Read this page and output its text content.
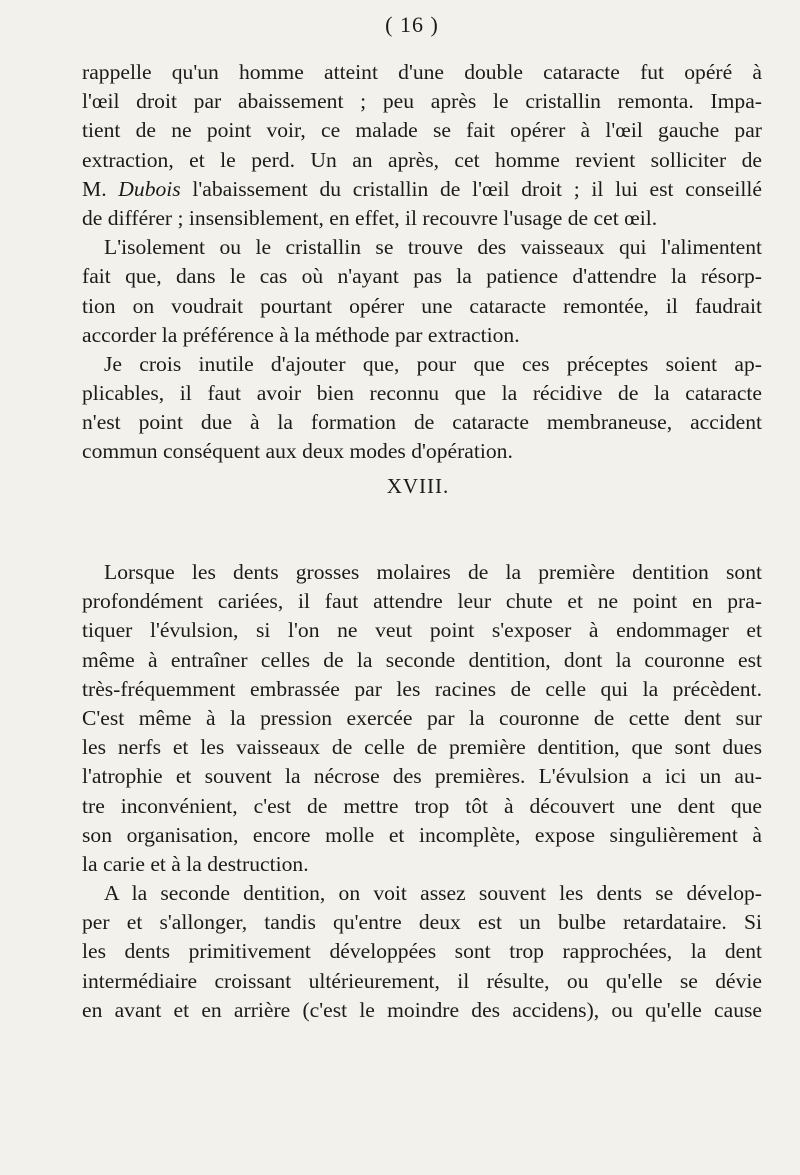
( 16 )
rappelle qu'un homme atteint d'une double cataracte fut opéré à
l'œil droit par abaissement ; peu après le cristallin remonta. Impa-
tient de ne point voir, ce malade se fait opérer à l'œil gauche par
extraction, et le perd. Un an après, cet homme revient solliciter de
M. Dubois l'abaissement du cristallin de l'œil droit ; il lui est conseillé
de différer ; insensiblement, en effet, il recouvre l'usage de cet œil.
L'isolement ou le cristallin se trouve des vaisseaux qui l'alimentent
fait que, dans le cas où n'ayant pas la patience d'attendre la résorp-
tion on voudrait pourtant opérer une cataracte remontée, il faudrait
accorder la préférence à la méthode par extraction.
Je crois inutile d'ajouter que, pour que ces préceptes soient ap-
plicables, il faut avoir bien reconnu que la récidive de la cataracte
n'est point due à la formation de cataracte membraneuse, accident
commun conséquent aux deux modes d'opération.
XVIII.
Lorsque les dents grosses molaires de la première dentition sont
profondément cariées, il faut attendre leur chute et ne point en pra-
tiquer l'évulsion, si l'on ne veut point s'exposer à endommager et
même à entraîner celles de la seconde dentition, dont la couronne est
très-fréquemment embrassée par les racines de celle qui la précèdent.
C'est même à la pression exercée par la couronne de cette dent sur
les nerfs et les vaisseaux de celle de première dentition, que sont dues
l'atrophie et souvent la nécrose des premières. L'évulsion a ici un au-
tre inconvénient, c'est de mettre trop tôt à découvert une dent que
son organisation, encore molle et incomplète, expose singulièrement à
la carie et à la destruction.
A la seconde dentition, on voit assez souvent les dents se dévelop-
per et s'allonger, tandis qu'entre deux est un bulbe retardataire. Si
les dents primitivement développées sont trop rapprochées, la dent
intermédiaire croissant ultérieurement, il résulte, ou qu'elle se dévie
en avant et en arrière (c'est le moindre des accidens), ou qu'elle cause
